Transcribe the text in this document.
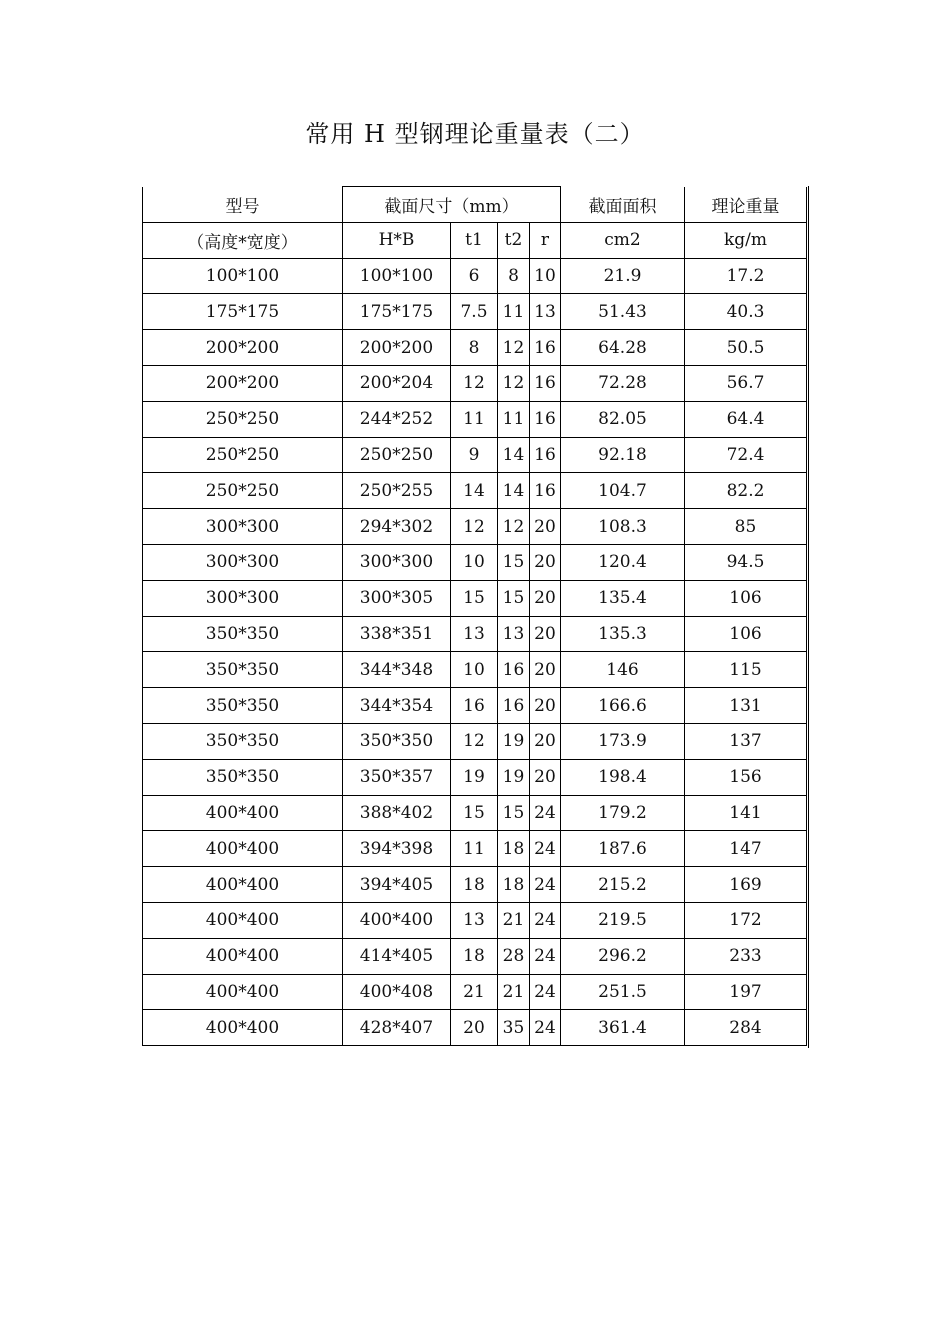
常用 H 型钢理论重量表（二）
型号	截面尺寸（mm）				截面面积	理论重量
（高度*宽度）	H*B	t1	t2	r	cm2	kg/m
100*100	100*100	6	8	10	21.9	17.2
175*175	175*175	7.5	11	13	51.43	40.3
200*200	200*200	8	12	16	64.28	50.5
200*200	200*204	12	12	16	72.28	56.7
250*250	244*252	11	11	16	82.05	64.4
250*250	250*250	9	14	16	92.18	72.4
250*250	250*255	14	14	16	104.7	82.2
300*300	294*302	12	12	20	108.3	85
300*300	300*300	10	15	20	120.4	94.5
300*300	300*305	15	15	20	135.4	106
350*350	338*351	13	13	20	135.3	106
350*350	344*348	10	16	20	146	115
350*350	344*354	16	16	20	166.6	131
350*350	350*350	12	19	20	173.9	137
350*350	350*357	19	19	20	198.4	156
400*400	388*402	15	15	24	179.2	141
400*400	394*398	11	18	24	187.6	147
400*400	394*405	18	18	24	215.2	169
400*400	400*400	13	21	24	219.5	172
400*400	414*405	18	28	24	296.2	233
400*400	400*408	21	21	24	251.5	197
400*400	428*407	20	35	24	361.4	284
